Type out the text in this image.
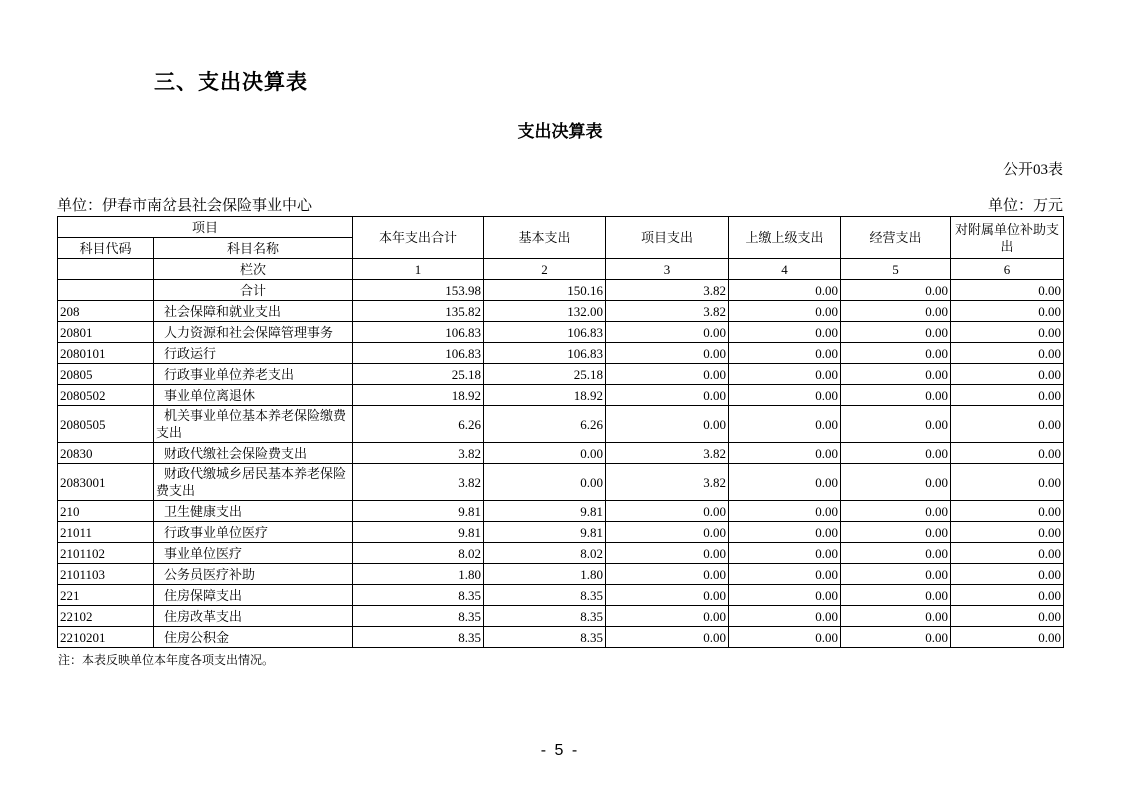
三、支出决算表
支出决算表
公开03表
单位：伊春市南岔县社会保险事业中心	单位：万元
项目		本年支出合计	基本支出	项目支出	上缴上级支出	经营支出	对附属单位补助支出
科目代码	科目名称						
	栏次	1	2	3	4	5	6
	合计	153.98	150.16	3.82	0.00	0.00	0.00
208	社会保障和就业支出	135.82	132.00	3.82	0.00	0.00	0.00
20801	人力资源和社会保障管理事务	106.83	106.83	0.00	0.00	0.00	0.00
2080101	行政运行	106.83	106.83	0.00	0.00	0.00	0.00
20805	行政事业单位养老支出	25.18	25.18	0.00	0.00	0.00	0.00
2080502	事业单位离退休	18.92	18.92	0.00	0.00	0.00	0.00
2080505	机关事业单位基本养老保险缴费支出	6.26	6.26	0.00	0.00	0.00	0.00
20830	财政代缴社会保险费支出	3.82	0.00	3.82	0.00	0.00	0.00
2083001	财政代缴城乡居民基本养老保险费支出	3.82	0.00	3.82	0.00	0.00	0.00
210	卫生健康支出	9.81	9.81	0.00	0.00	0.00	0.00
21011	行政事业单位医疗	9.81	9.81	0.00	0.00	0.00	0.00
2101102	事业单位医疗	8.02	8.02	0.00	0.00	0.00	0.00
2101103	公务员医疗补助	1.80	1.80	0.00	0.00	0.00	0.00
221	住房保障支出	8.35	8.35	0.00	0.00	0.00	0.00
22102	住房改革支出	8.35	8.35	0.00	0.00	0.00	0.00
2210201	住房公积金	8.35	8.35	0.00	0.00	0.00	0.00
注：本表反映单位本年度各项支出情况。
- 5 -
